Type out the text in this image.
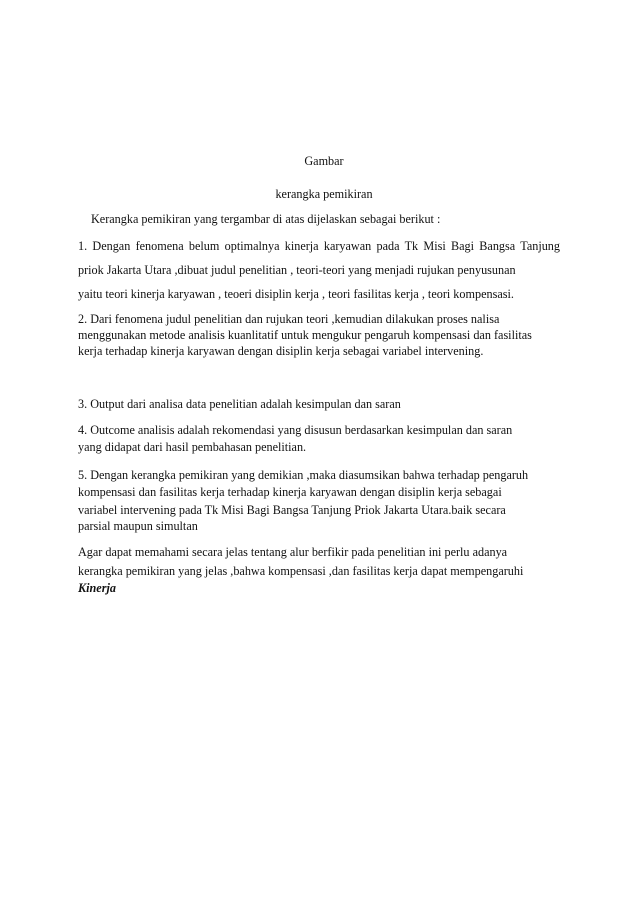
Gambar
kerangka pemikiran
Kerangka pemikiran yang tergambar di atas dijelaskan sebagai berikut :
1. Dengan fenomena belum optimalnya kinerja karyawan pada Tk Misi Bagi Bangsa Tanjung
priok Jakarta Utara ,dibuat judul penelitian , teori-teori yang menjadi rujukan penyusunan
yaitu teori kinerja karyawan , teoeri disiplin kerja , teori fasilitas kerja , teori kompensasi.
2. Dari fenomena judul penelitian dan rujukan teori ,kemudian dilakukan proses nalisa
menggunakan metode analisis kuanlitatif untuk mengukur pengaruh kompensasi dan fasilitas
kerja terhadap kinerja karyawan dengan disiplin kerja sebagai variabel intervening.
3. Output dari analisa data penelitian adalah kesimpulan dan saran
4. Outcome analisis adalah rekomendasi yang disusun berdasarkan kesimpulan dan saran
yang didapat dari hasil pembahasan penelitian.
5. Dengan kerangka pemikiran yang demikian ,maka diasumsikan bahwa terhadap pengaruh
kompensasi dan fasilitas kerja terhadap kinerja karyawan dengan disiplin kerja sebagai
variabel intervening pada Tk Misi Bagi Bangsa Tanjung Priok Jakarta Utara.baik secara
parsial maupun simultan
Agar dapat memahami secara jelas tentang alur berfikir pada penelitian ini perlu adanya
kerangka pemikiran yang jelas ,bahwa kompensasi ,dan fasilitas kerja dapat mempengaruhi
Kinerja
